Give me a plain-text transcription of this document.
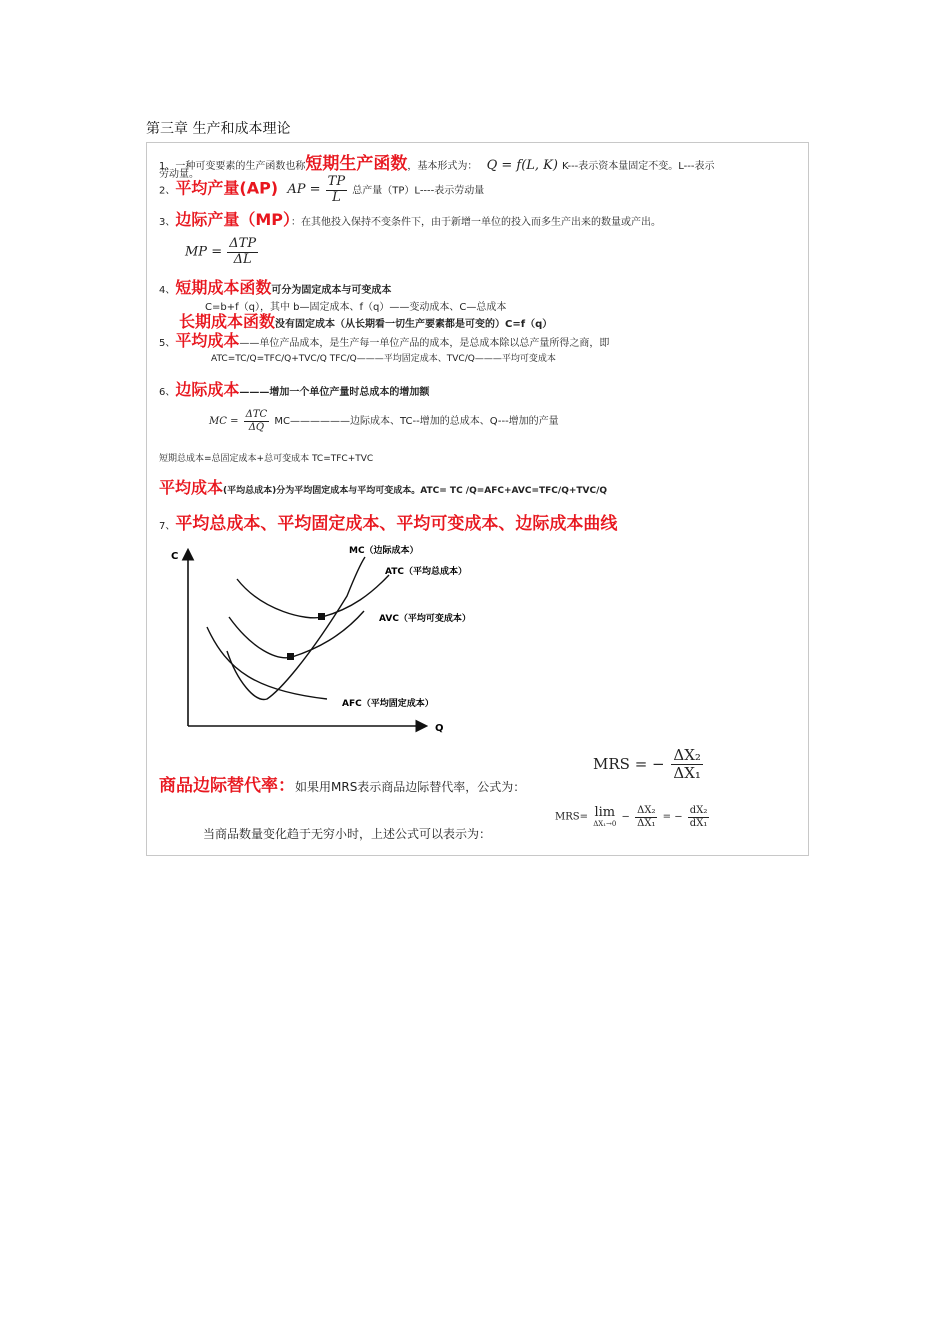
第三章 生产和成本理论
1、一种可变要素的生产函数也称短期生产函数，基本形式为： Q = f(L, K) K---表示资本量固定不变。L---表示
劳动量。
2、平均产量(AP) AP = $\frac{TP}{L}$ 总产量（TP）L----表示劳动量
3、边际产量（MP）：在其他投入保持不变条件下，由于新增一单位的投入而多生产出来的数量或产出。
MP = $\frac{\text{ΔTP}}{\Delta L}$
4、短期成本函数可分为固定成本与可变成本
C=b+f（q），其中 b—固定成本、f（q）——变动成本、C—总成本
长期成本函数没有固定成本（从长期看一切生产要素都是可变的）C=f（q）
5、平均成本——单位产品成本，是生产每一单位产品的成本，是总成本除以总产量所得之商，即
ATC=TC/Q=TFC/Q+TVC/Q TFC/Q———平均固定成本、TVC/Q———平均可变成本
6、边际成本———增加一个单位产量时总成本的增加额
MC = $\frac{\text{ΔTC}}{\Delta Q}$ MC——————边际成本、TC--增加的总成本、Q---增加的产量
短期总成本=总固定成本+总可变成本 TC=TFC+TVC
平均成本(平均总成本)分为平均固定成本与平均可变成本。ATC= TC /Q=AFC+AVC=TFC/Q+TVC/Q
7、平均总成本、平均固定成本、平均可变成本、边际成本曲线
C
Q
MC（边际成本）
ATC（平均总成本）
AVC（平均可变成本）
AFC（平均固定成本）
商品边际替代率：如果用MRS表示商品边际替代率，公式为：
MRS = − $\frac{\text{ΔX₂}}{\text{ΔX₁}}$
当商品数量变化趋于无穷小时，上述公式可以表示为：
MRS= lim
ΔX₁→0
− $\frac{\text{ΔX₂}}{\text{ΔX₁}}$ = − $\frac{\text{dX₂}}{\text{dX₁}}$
